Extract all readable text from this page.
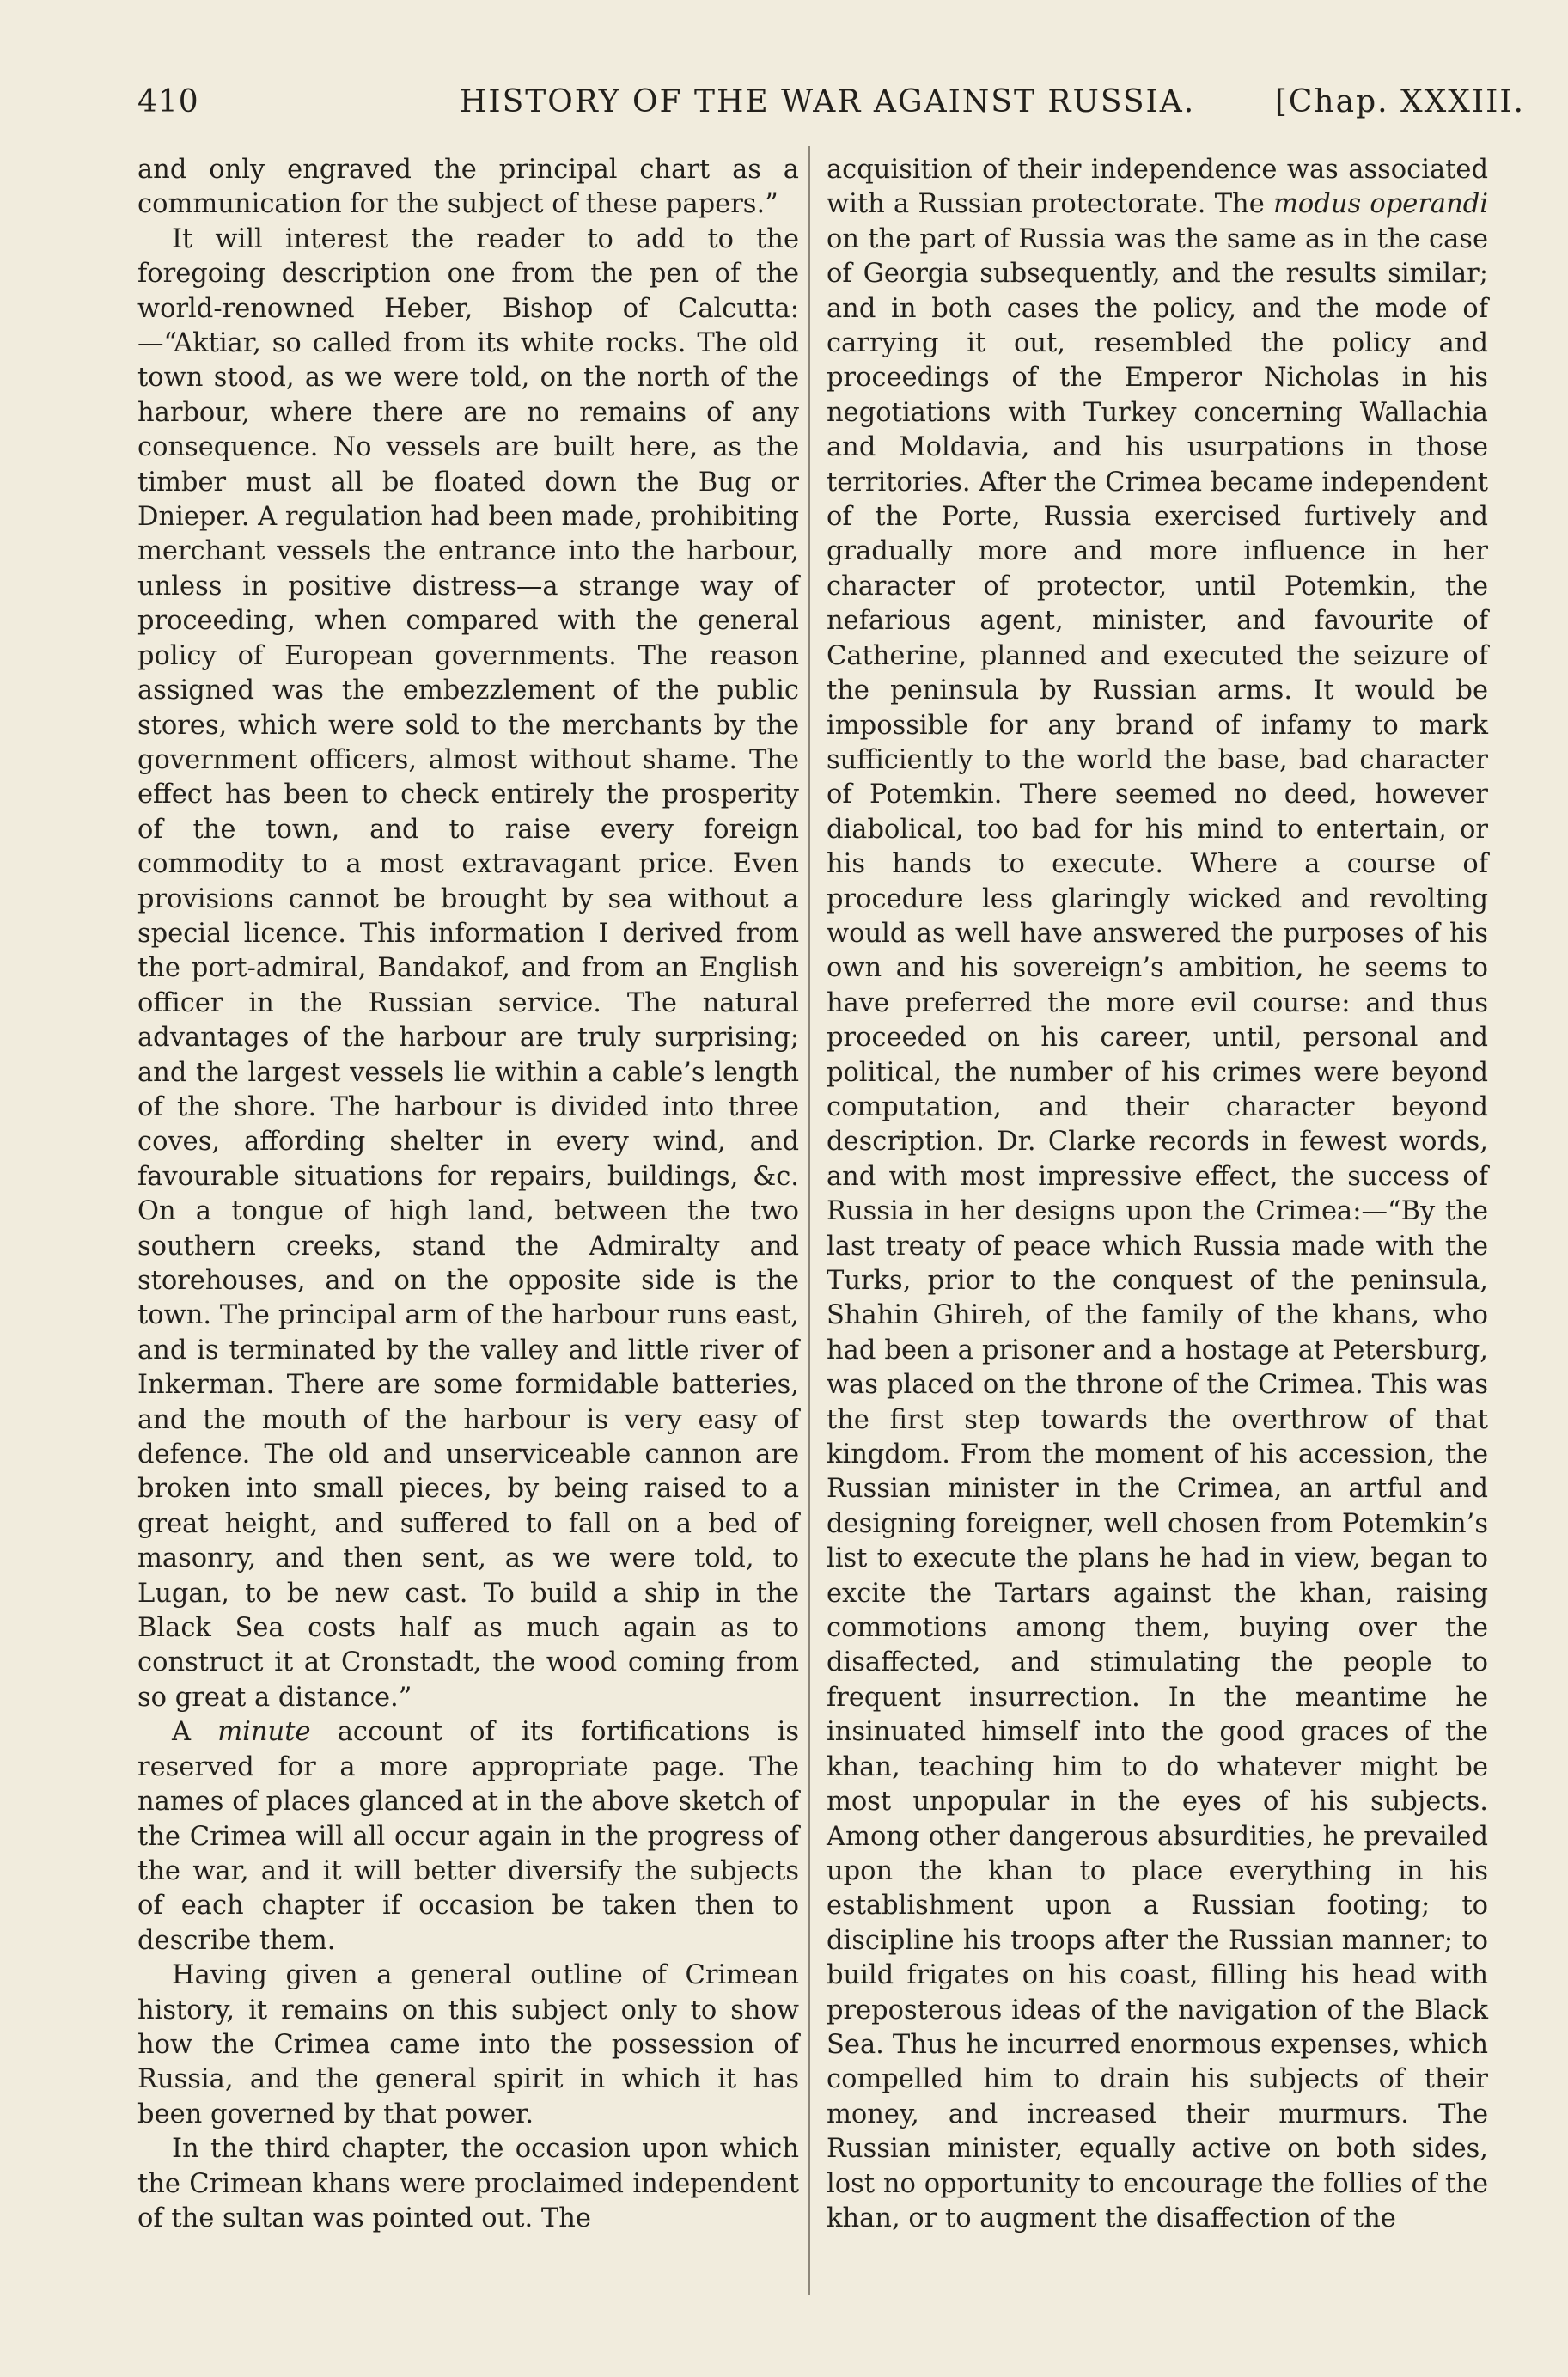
410	HISTORY OF THE WAR AGAINST RUSSIA.	[Chap. XXXIII.

and only engraved the principal chart as a communication for the subject of these papers.”

It will interest the reader to add to the foregoing description one from the pen of the world-renowned Heber, Bishop of Calcutta:—“Aktiar, so called from its white rocks. The old town stood, as we were told, on the north of the harbour, where there are no remains of any consequence. No vessels are built here, as the timber must all be floated down the Bug or Dnieper. A regulation had been made, prohibiting merchant vessels the entrance into the harbour, unless in positive distress—a strange way of proceeding, when compared with the general policy of European governments. The reason assigned was the embezzlement of the public stores, which were sold to the merchants by the government officers, almost without shame. The effect has been to check entirely the prosperity of the town, and to raise every foreign commodity to a most extravagant price. Even provisions cannot be brought by sea without a special licence. This information I derived from the port-admiral, Bandakof, and from an English officer in the Russian service. The natural advantages of the harbour are truly surprising; and the largest vessels lie within a cable’s length of the shore. The harbour is divided into three coves, affording shelter in every wind, and favourable situations for repairs, buildings, &c. On a tongue of high land, between the two southern creeks, stand the Admiralty and storehouses, and on the opposite side is the town. The principal arm of the harbour runs east, and is terminated by the valley and little river of Inkerman. There are some formidable batteries, and the mouth of the harbour is very easy of defence. The old and unserviceable cannon are broken into small pieces, by being raised to a great height, and suffered to fall on a bed of masonry, and then sent, as we were told, to Lugan, to be new cast. To build a ship in the Black Sea costs half as much again as to construct it at Cronstadt, the wood coming from so great a distance.”

A minute account of its fortifications is reserved for a more appropriate page. The names of places glanced at in the above sketch of the Crimea will all occur again in the progress of the war, and it will better diversify the subjects of each chapter if occasion be taken then to describe them.

Having given a general outline of Crimean history, it remains on this subject only to show how the Crimea came into the possession of Russia, and the general spirit in which it has been governed by that power.

In the third chapter, the occasion upon which the Crimean khans were proclaimed independent of the sultan was pointed out. The

acquisition of their independence was associated with a Russian protectorate. The modus operandi on the part of Russia was the same as in the case of Georgia subsequently, and the results similar; and in both cases the policy, and the mode of carrying it out, resembled the policy and proceedings of the Emperor Nicholas in his negotiations with Turkey concerning Wallachia and Moldavia, and his usurpations in those territories. After the Crimea became independent of the Porte, Russia exercised furtively and gradually more and more influence in her character of protector, until Potemkin, the nefarious agent, minister, and favourite of Catherine, planned and executed the seizure of the peninsula by Russian arms. It would be impossible for any brand of infamy to mark sufficiently to the world the base, bad character of Potemkin. There seemed no deed, however diabolical, too bad for his mind to entertain, or his hands to execute. Where a course of procedure less glaringly wicked and revolting would as well have answered the purposes of his own and his sovereign’s ambition, he seems to have preferred the more evil course: and thus proceeded on his career, until, personal and political, the number of his crimes were beyond computation, and their character beyond description. Dr. Clarke records in fewest words, and with most impressive effect, the success of Russia in her designs upon the Crimea:—“By the last treaty of peace which Russia made with the Turks, prior to the conquest of the peninsula, Shahin Ghireh, of the family of the khans, who had been a prisoner and a hostage at Petersburg, was placed on the throne of the Crimea. This was the first step towards the overthrow of that kingdom. From the moment of his accession, the Russian minister in the Crimea, an artful and designing foreigner, well chosen from Potemkin’s list to execute the plans he had in view, began to excite the Tartars against the khan, raising commotions among them, buying over the disaffected, and stimulating the people to frequent insurrection. In the meantime he insinuated himself into the good graces of the khan, teaching him to do whatever might be most unpopular in the eyes of his subjects. Among other dangerous absurdities, he prevailed upon the khan to place everything in his establishment upon a Russian footing; to discipline his troops after the Russian manner; to build frigates on his coast, filling his head with preposterous ideas of the navigation of the Black Sea. Thus he incurred enormous expenses, which compelled him to drain his subjects of their money, and increased their murmurs. The Russian minister, equally active on both sides, lost no opportunity to encourage the follies of the khan, or to augment the disaffection of the
